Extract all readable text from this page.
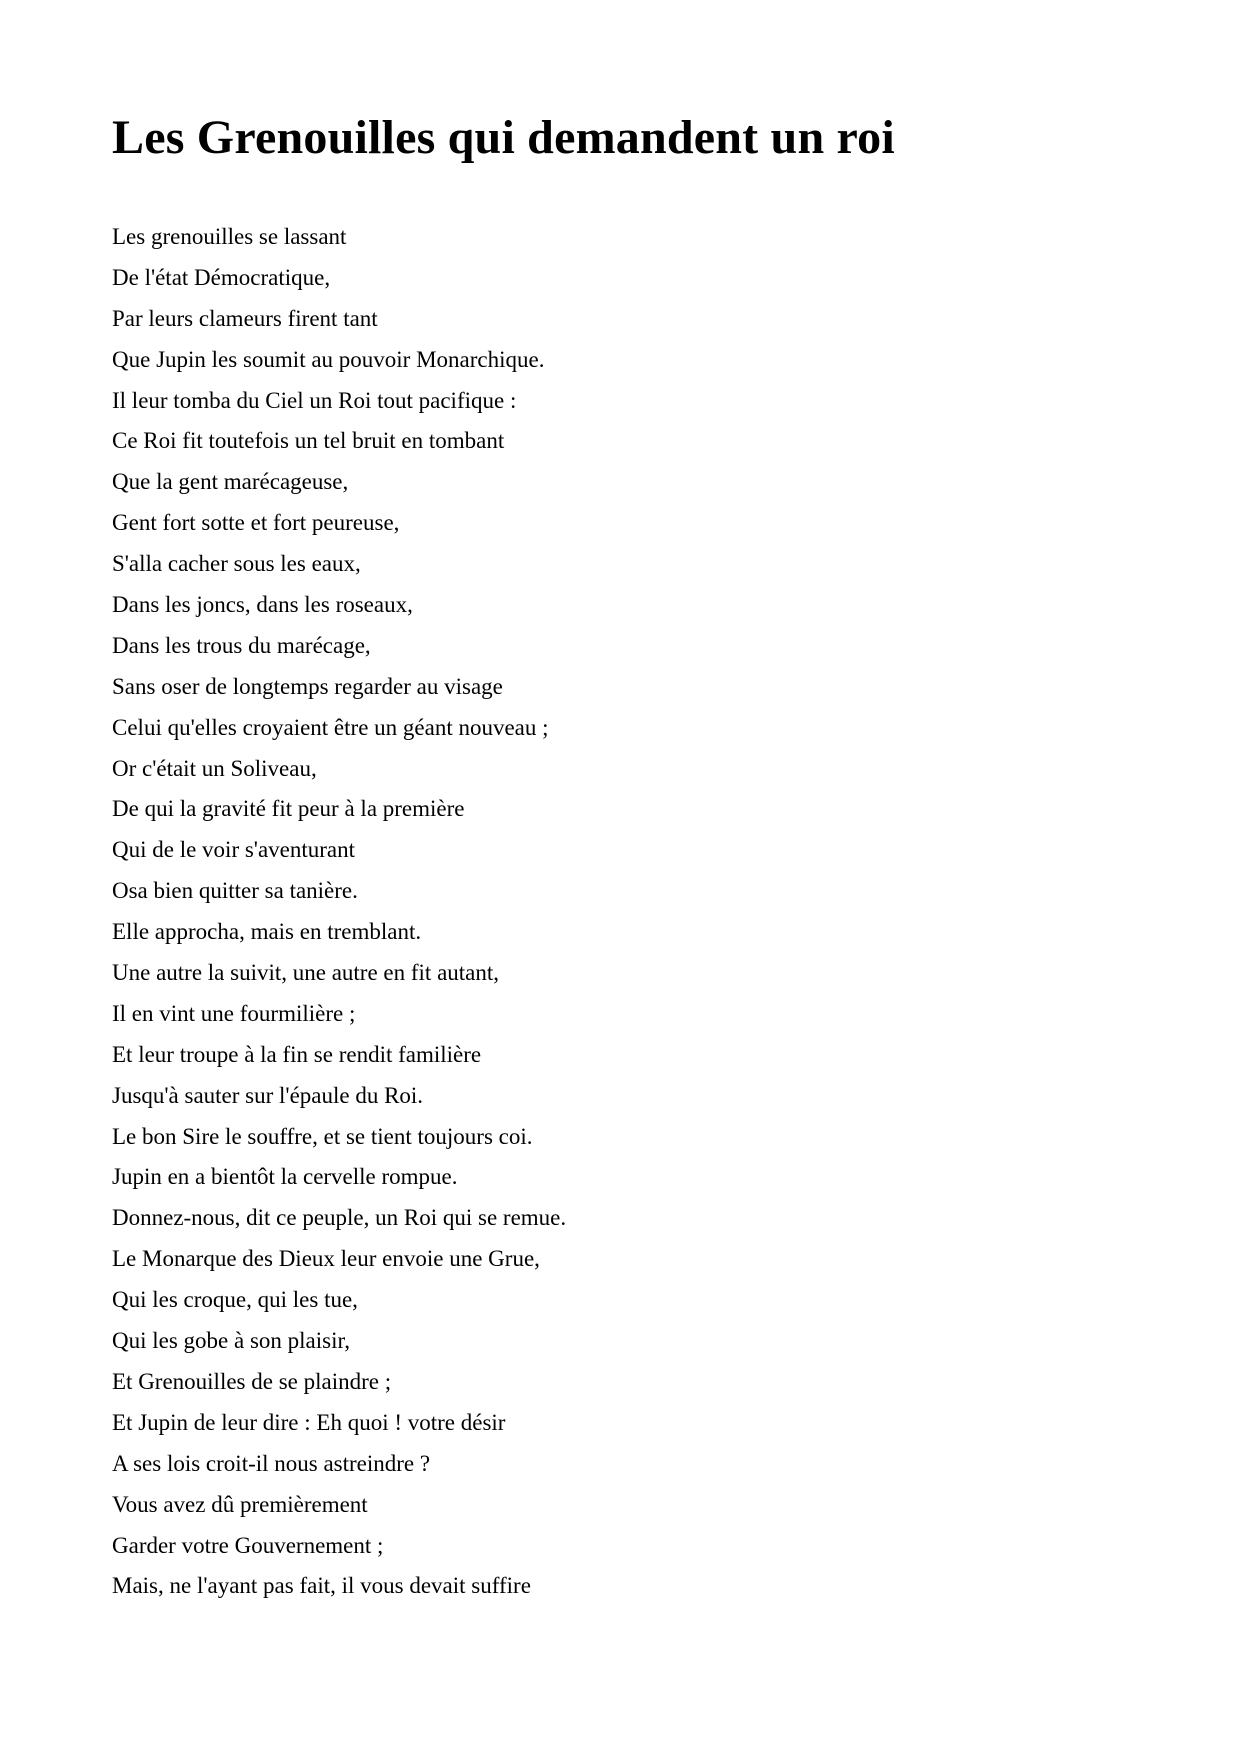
Les Grenouilles qui demandent un roi
Les grenouilles se lassant
De l'état Démocratique,
Par leurs clameurs firent tant
Que Jupin les soumit au pouvoir Monarchique.
Il leur tomba du Ciel un Roi tout pacifique :
Ce Roi fit toutefois un tel bruit en tombant
Que la gent marécageuse,
Gent fort sotte et fort peureuse,
S'alla cacher sous les eaux,
Dans les joncs, dans les roseaux,
Dans les trous du marécage,
Sans oser de longtemps regarder au visage
Celui qu'elles croyaient être un géant nouveau ;
Or c'était un Soliveau,
De qui la gravité fit peur à la première
Qui de le voir s'aventurant
Osa bien quitter sa tanière.
Elle approcha, mais en tremblant.
Une autre la suivit, une autre en fit autant,
Il en vint une fourmilière ;
Et leur troupe à la fin se rendit familière
Jusqu'à sauter sur l'épaule du Roi.
Le bon Sire le souffre, et se tient toujours coi.
Jupin en a bientôt la cervelle rompue.
Donnez-nous, dit ce peuple, un Roi qui se remue.
Le Monarque des Dieux leur envoie une Grue,
Qui les croque, qui les tue,
Qui les gobe à son plaisir,
Et Grenouilles de se plaindre ;
Et Jupin de leur dire : Eh quoi ! votre désir
A ses lois croit-il nous astreindre ?
Vous avez dû premièrement
Garder votre Gouvernement ;
Mais, ne l'ayant pas fait, il vous devait suffire
